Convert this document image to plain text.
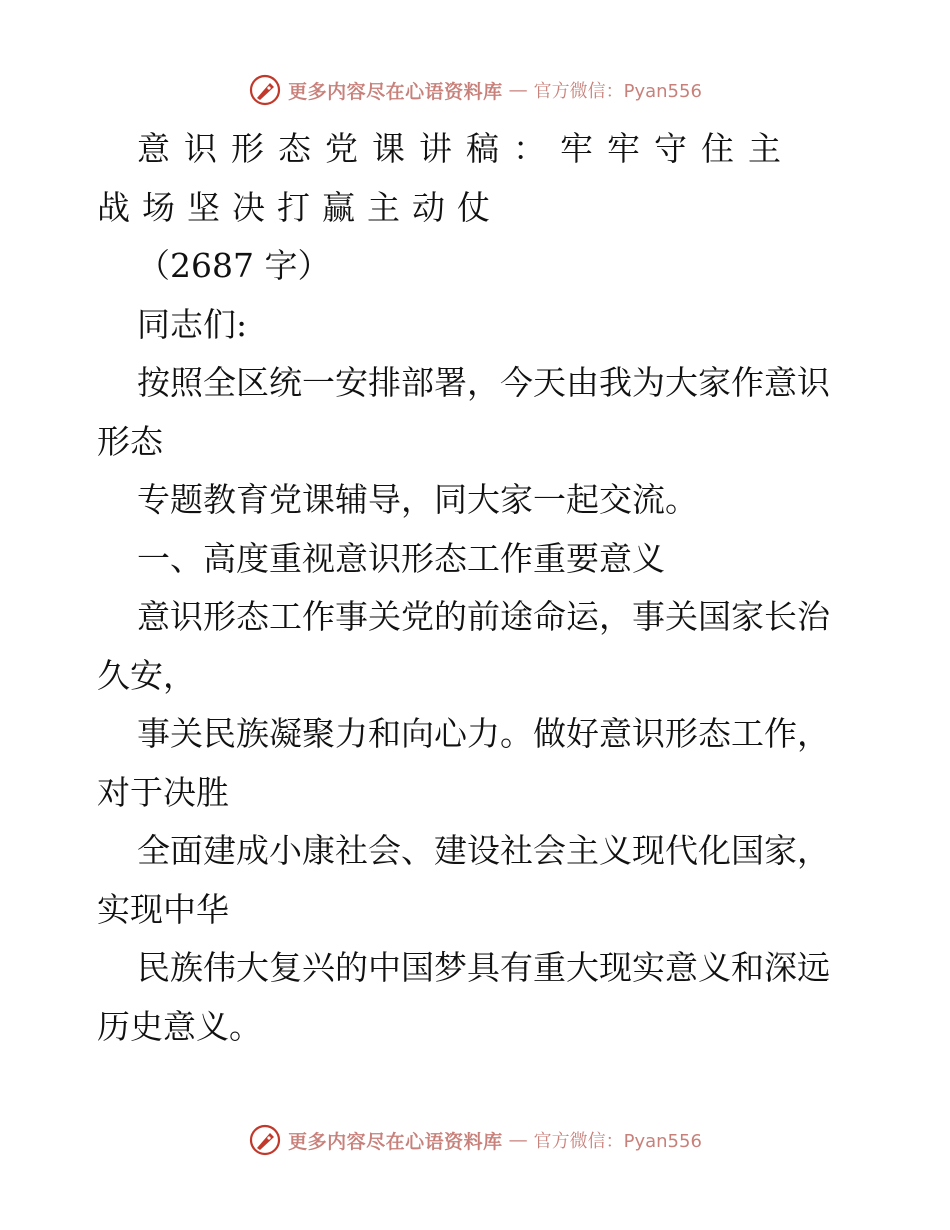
更多内容尽在心语资料库 — 官方微信：Pyan556
意识形态党课讲稿：牢牢守住主
战场坚决打赢主动仗
（2687 字）
同志们:
按照全区统一安排部署，今天由我为大家作意识
形态
专题教育党课辅导，同大家一起交流。
一、高度重视意识形态工作重要意义
意识形态工作事关党的前途命运，事关国家长治
久安，
事关民族凝聚力和向心力。做好意识形态工作，
对于决胜
全面建成小康社会、建设社会主义现代化国家，
实现中华
民族伟大复兴的中国梦具有重大现实意义和深远
历史意义。
更多内容尽在心语资料库 — 官方微信：Pyan556
